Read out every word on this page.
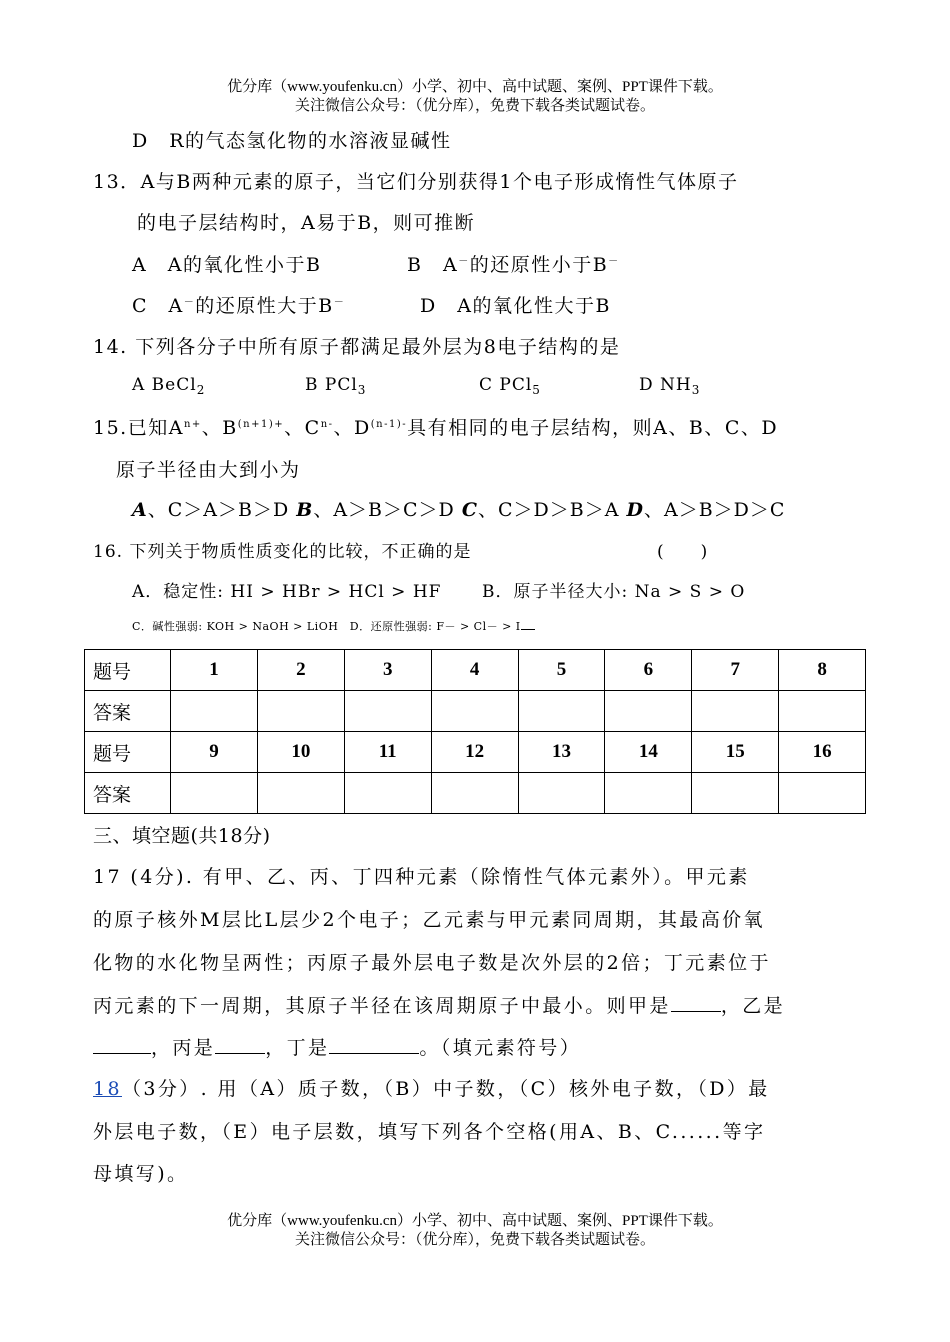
优分库（www.youfenku.cn）小学、初中、高中试题、案例、PPT课件下载。
关注微信公众号：（优分库），免费下载各类试题试卷。
D　R的气态氢化物的水溶液显碱性
13．A与B两种元素的原子，当它们分别获得1个电子形成惰性气体原子
的电子层结构时，A易于B，则可推断
A　A的氧化性小于B	B　A－的还原性小于B－
C　A－的还原性大于B－	D　A的氧化性大于B
14. 下列各分子中所有原子都满足最外层为8电子结构的是
A BeCl$_2$	B PCl$_3$	C PCl$_5$	D $NH_3$
15.已知$A^{n+}$、$B^{(n+1)+}$、$C^{n-}$、$D^{(n-1)-}$具有相同的电子层结构，则A、B、C、D
原子半径由大到小为
A、C＞A＞B＞D B、A＞B＞C＞D C、C＞D＞B＞A D、A＞B＞D＞C
16. 下列关于物质性质变化的比较，不正确的是	(　　)
A．稳定性: HI > HBr > HCl > HF B．原子半径大小: Na > S > O
C．碱性强弱: KOH > NaOH > LiOH　D．还原性强弱: F－ > Cl－ > I
题号	1	2	3	4	5	6	7	8
答案								
题号	9	10	11	12	13	14	15	16
答案								
三、填空题(共18分)
17 (4分). 有甲、乙、丙、丁四种元素（除惰性气体元素外）。甲元素
的原子核外M层比L层少2个电子；乙元素与甲元素同周期，其最高价氧
化物的水化物呈两性；丙原子最外层电子数是次外层的2倍；丁元素位于
丙元素的下一周期，其原子半径在该周期原子中最小。则甲是	，乙是
，丙是	，丁是	。（填元素符号）
18（3分）. 用（A）质子数，（B）中子数，（C）核外电子数，（D）最
外层电子数，（E）电子层数，填写下列各个空格(用A、B、C......等字
母填写)。
优分库（www.youfenku.cn）小学、初中、高中试题、案例、PPT课件下载。
关注微信公众号：（优分库），免费下载各类试题试卷。
